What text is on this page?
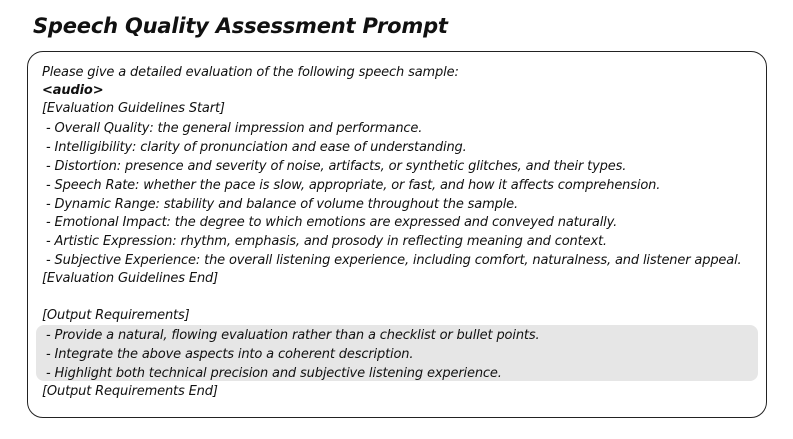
Speech Quality Assessment Prompt
Please give a detailed evaluation of the following speech sample:
<audio>
[Evaluation Guidelines Start]
- Overall Quality: the general impression and performance.
- Intelligibility: clarity of pronunciation and ease of understanding.
- Distortion: presence and severity of noise, artifacts, or synthetic glitches, and their types.
- Speech Rate: whether the pace is slow, appropriate, or fast, and how it affects comprehension.
- Dynamic Range: stability and balance of volume throughout the sample.
- Emotional Impact: the degree to which emotions are expressed and conveyed naturally.
- Artistic Expression: rhythm, emphasis, and prosody in reflecting meaning and context.
- Subjective Experience: the overall listening experience, including comfort, naturalness, and listener appeal.
[Evaluation Guidelines End]
[Output Requirements]
- Provide a natural, flowing evaluation rather than a checklist or bullet points.
- Integrate the above aspects into a coherent description.
- Highlight both technical precision and subjective listening experience.
[Output Requirements End]
